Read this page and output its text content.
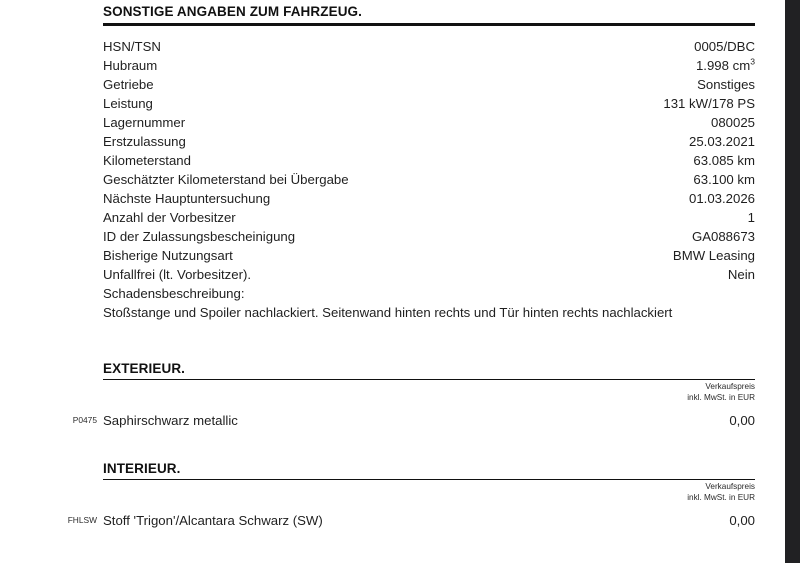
SONSTIGE ANGABEN ZUM FAHRZEUG.
HSN/TSN	0005/DBC
Hubraum	1.998 $cm^3$
Getriebe	Sonstiges
Leistung	131 kW/178 PS
Lagernummer	080025
Erstzulassung	25.03.2021
Kilometerstand	63.085 km
Geschätzter Kilometerstand bei Übergabe	63.100 km
Nächste Hauptuntersuchung	01.03.2026
Anzahl der Vorbesitzer	1
ID der Zulassungsbescheinigung	GA088673
Bisherige Nutzungsart	BMW Leasing
Unfallfrei (lt. Vorbesitzer).	Nein
Schadensbeschreibung:
Stoßstange und Spoiler nachlackiert. Seitenwand hinten rechts und Tür hinten rechts nachlackiert
EXTERIEUR.
Verkaufspreis
inkl. MwSt. in EUR
P0475 Saphirschwarz metallic	0,00
INTERIEUR.
Verkaufspreis
inkl. MwSt. in EUR
FHLSW Stoff 'Trigon'/Alcantara Schwarz (SW)	0,00
